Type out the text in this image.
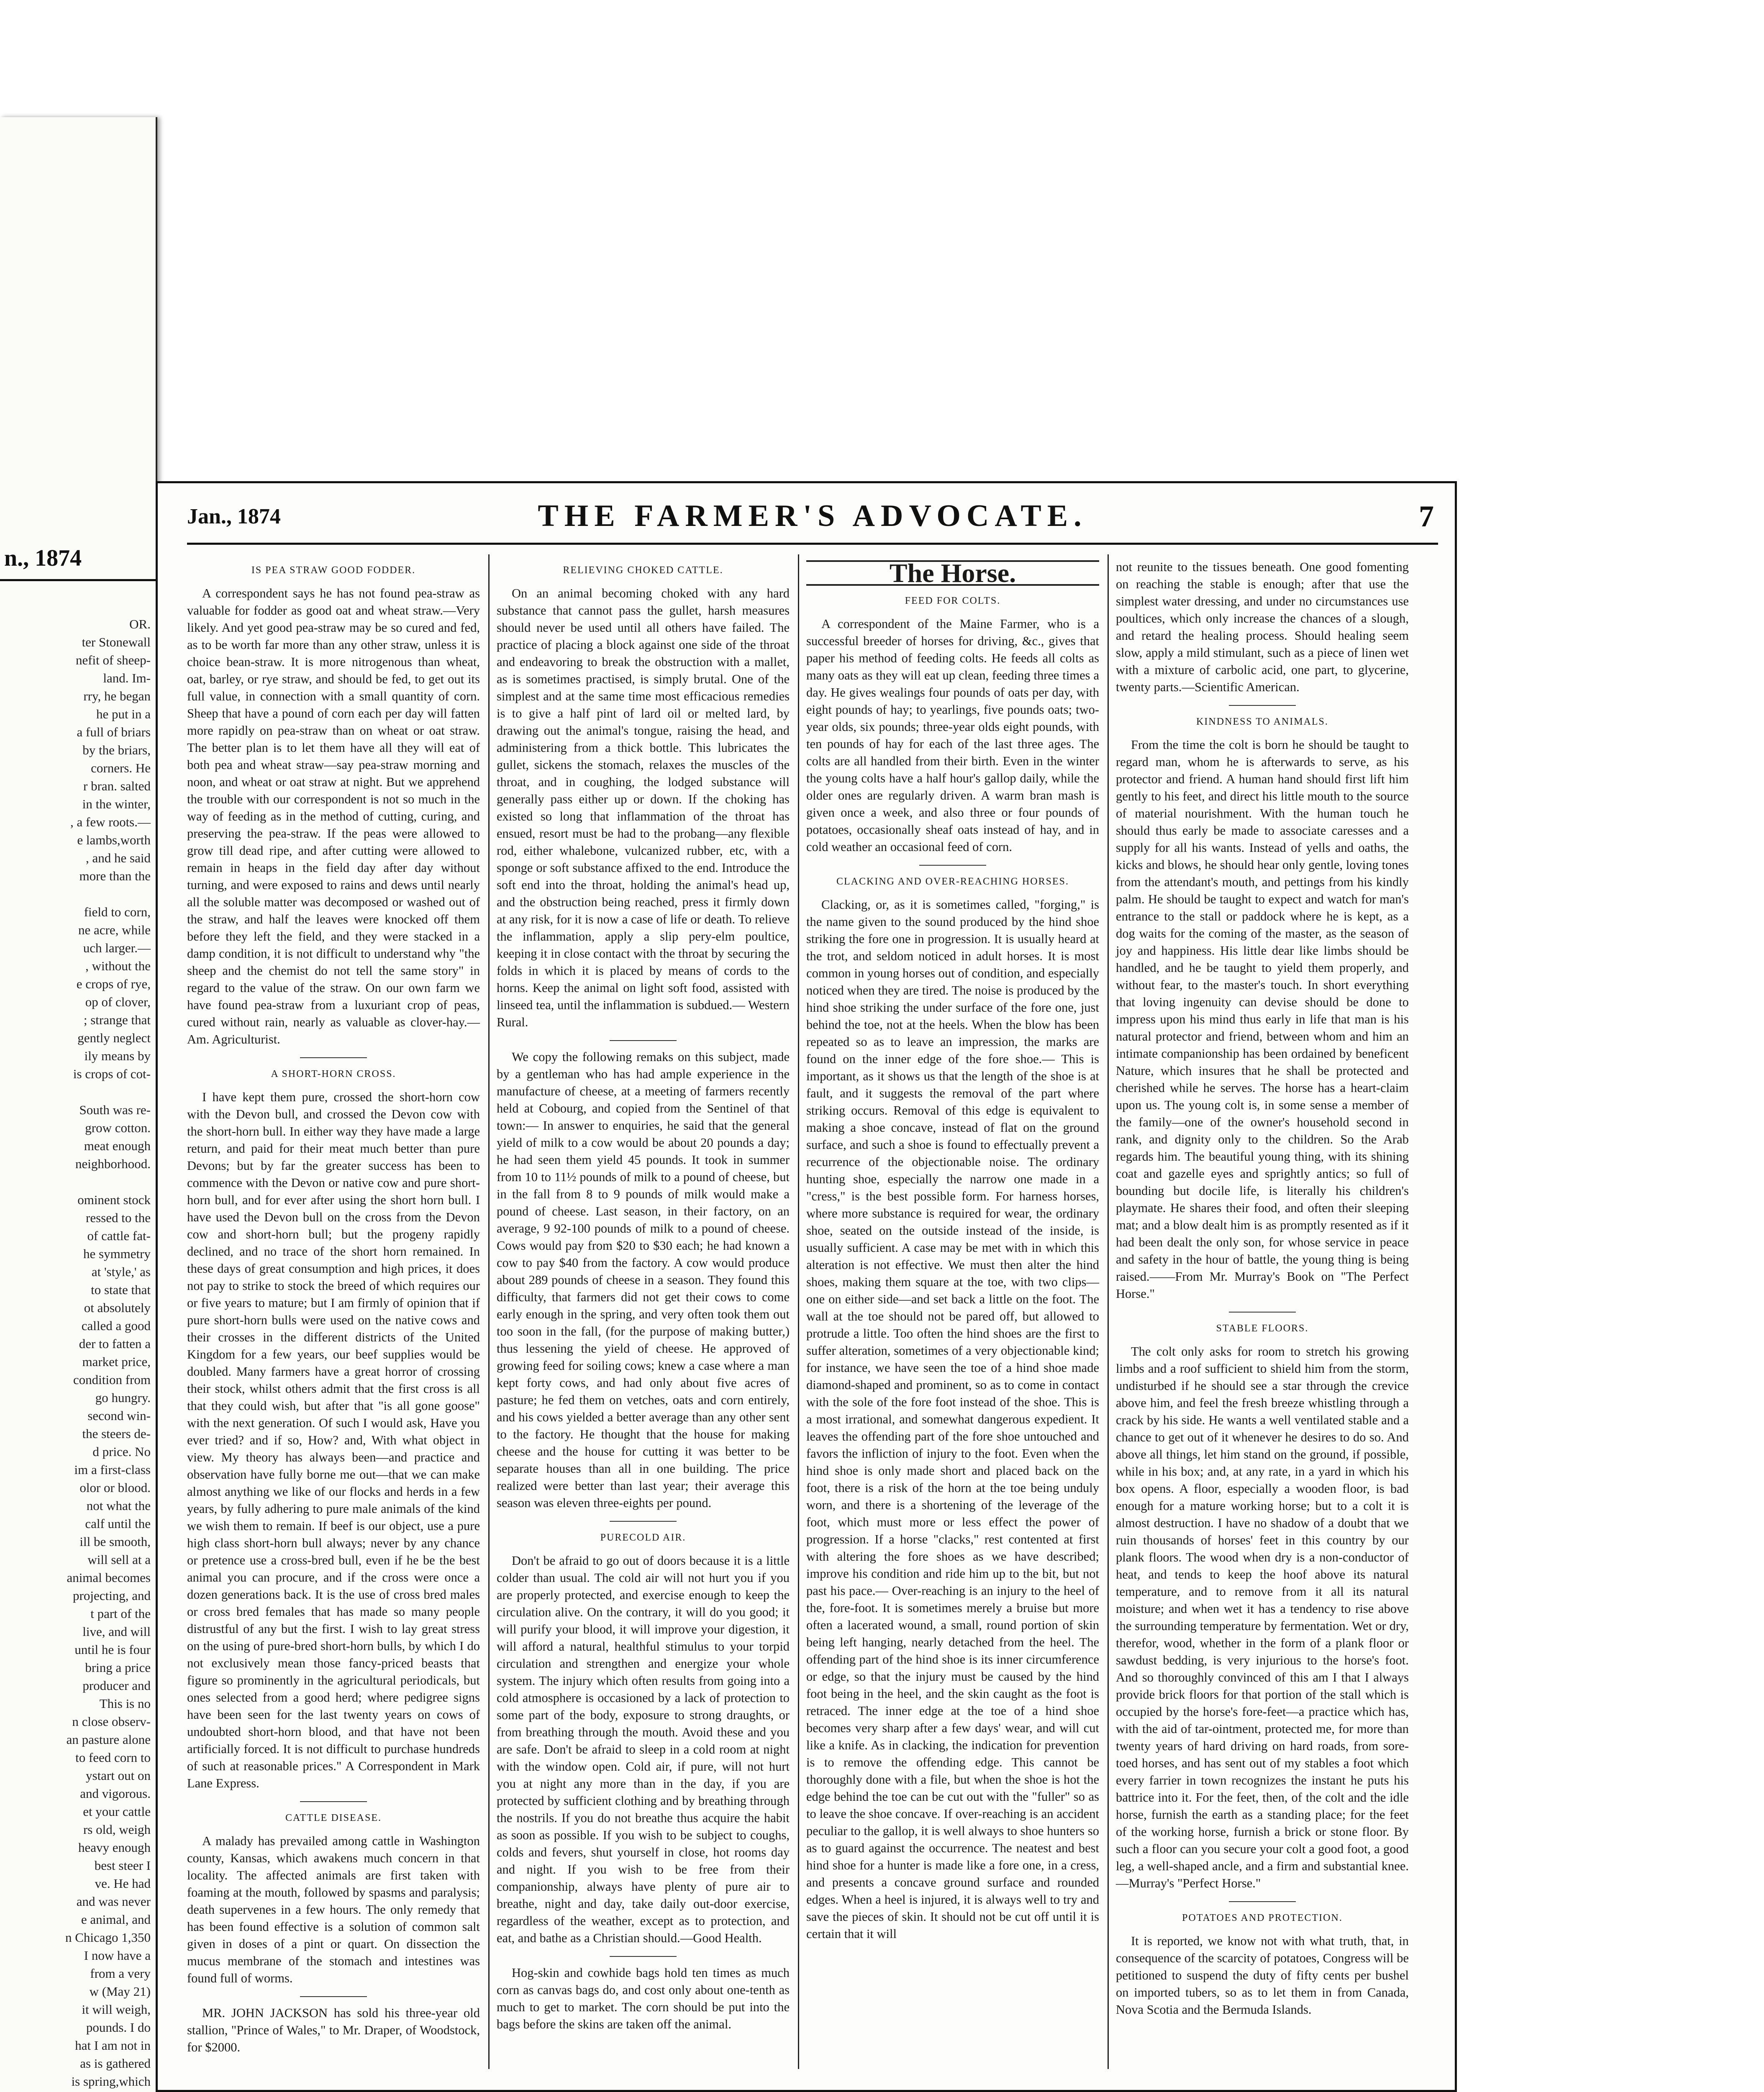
n., 1874
OR.
ter Stonewall
nefit of sheep-
land. Im-
rry, he began
he put in a
a full of briars
by the briars,
corners. He
r bran. salted
in the winter,
, a few roots.—
e lambs,worth
, and he said
more than the

field to corn,
ne acre, while
uch larger.—
, without the
e crops of rye,
op of clover,
; strange that
gently neglect
ily means by
is crops of cot-

South was re-
grow cotton.
meat enough
neighborhood.

ominent stock
ressed to the
of cattle fat-
he symmetry
at 'style,' as
to state that
ot absolutely
called a good
der to fatten a
market price,
condition from
go hungry.
second win-
the steers de-
d price. No
im a first-class
olor or blood.
not what the
calf until the
ill be smooth,
will sell at a
animal becomes
projecting, and
t part of the
live, and will
until he is four
bring a price
producer and
This is no
n close observ-
an pasture alone
to feed corn to
ystart out on
and vigorous.
et your cattle
rs old, weigh
heavy enough
best steer I
ve. He had
and was never
e animal, and
n Chicago 1,350
I now have a
from a very
w (May 21)
it will weigh,
pounds. I do
hat I am not in
as is gathered
is spring,which

Jan., 1874	THE FARMER'S ADVOCATE.	7
IS PEA STRAW GOOD FODDER.

A correspondent says he has not found pea-straw as valuable for fodder as good oat and wheat straw.—Very likely. And yet good pea-straw may be so cured and fed, as to be worth far more than any other straw, unless it is choice bean-straw. It is more nitrogenous than wheat, oat, barley, or rye straw, and should be fed, to get out its full value, in connection with a small quantity of corn. Sheep that have a pound of corn each per day will fatten more rapidly on pea-straw than on wheat or oat straw. The better plan is to let them have all they will eat of both pea and wheat straw—say pea-straw morning and noon, and wheat or oat straw at night. But we apprehend the trouble with our correspondent is not so much in the way of feeding as in the method of cutting, curing, and preserving the pea-straw. If the peas were allowed to grow till dead ripe, and after cutting were allowed to remain in heaps in the field day after day without turning, and were exposed to rains and dews until nearly all the soluble matter was decomposed or washed out of the straw, and half the leaves were knocked off them before they left the field, and they were stacked in a damp condition, it is not difficult to understand why "the sheep and the chemist do not tell the same story" in regard to the value of the straw. On our own farm we have found pea-straw from a luxuriant crop of peas, cured without rain, nearly as valuable as clover-hay.—Am. Agriculturist.

A SHORT-HORN CROSS.

I have kept them pure, crossed the short-horn cow with the Devon bull, and crossed the Devon cow with the short-horn bull. In either way they have made a large return, and paid for their meat much better than pure Devons; but by far the greater success has been to commence with the Devon or native cow and pure short-horn bull, and for ever after using the short horn bull. I have used the Devon bull on the cross from the Devon cow and short-horn bull; but the progeny rapidly declined, and no trace of the short horn remained. In these days of great consumption and high prices, it does not pay to strike to stock the breed of which requires our or five years to mature; but I am firmly of opinion that if pure short-horn bulls were used on the native cows and their crosses in the different districts of the United Kingdom for a few years, our beef supplies would be doubled. Many farmers have a great horror of crossing their stock, whilst others admit that the first cross is all that they could wish, but after that "is all gone goose" with the next generation. Of such I would ask, Have you ever tried? and if so, How? and, With what object in view. My theory has always been—and practice and observation have fully borne me out—that we can make almost anything we like of our flocks and herds in a few years, by fully adhering to pure male animals of the kind we wish them to remain. If beef is our object, use a pure high class short-horn bull always; never by any chance or pretence use a cross-bred bull, even if he be the best animal you can procure, and if the cross were once a dozen generations back. It is the use of cross bred males or cross bred females that has made so many people distrustful of any but the first. I wish to lay great stress on the using of pure-bred short-horn bulls, by which I do not exclusively mean those fancy-priced beasts that figure so prominently in the agricultural periodicals, but ones selected from a good herd; where pedigree signs have been seen for the last twenty years on cows of undoubted short-horn blood, and that have not been artificially forced. It is not difficult to purchase hundreds of such at reasonable prices." A Correspondent in Mark Lane Express.

CATTLE DISEASE.

A malady has prevailed among cattle in Washington county, Kansas, which awakens much concern in that locality. The affected animals are first taken with foaming at the mouth, followed by spasms and paralysis; death supervenes in a few hours. The only remedy that has been found effective is a solution of common salt given in doses of a pint or quart. On dissection the mucus membrane of the stomach and intestines was found full of worms.

MR. JOHN JACKSON has sold his three-year old stallion, "Prince of Wales," to Mr. Draper, of Woodstock, for $2000.

RELIEVING CHOKED CATTLE.

On an animal becoming choked with any hard substance that cannot pass the gullet, harsh measures should never be used until all others have failed. The practice of placing a block against one side of the throat and endeavoring to break the obstruction with a mallet, as is sometimes practised, is simply brutal. One of the simplest and at the same time most efficacious remedies is to give a half pint of lard oil or melted lard, by drawing out the animal's tongue, raising the head, and administering from a thick bottle. This lubricates the gullet, sickens the stomach, relaxes the muscles of the throat, and in coughing, the lodged substance will generally pass either up or down. If the choking has existed so long that inflammation of the throat has ensued, resort must be had to the probang—any flexible rod, either whalebone, vulcanized rubber, etc, with a sponge or soft substance affixed to the end. Introduce the soft end into the throat, holding the animal's head up, and the obstruction being reached, press it firmly down at any risk, for it is now a case of life or death. To relieve the inflammation, apply a slip pery-elm poultice, keeping it in close contact with the throat by securing the folds in which it is placed by means of cords to the horns. Keep the animal on light soft food, assisted with linseed tea, until the inflammation is subdued.— Western Rural.

We copy the following remaks on this subject, made by a gentleman who has had ample experience in the manufacture of cheese, at a meeting of farmers recently held at Cobourg, and copied from the Sentinel of that town:— In answer to enquiries, he said that the general yield of milk to a cow would be about 20 pounds a day; he had seen them yield 45 pounds. It took in summer from 10 to 11½ pounds of milk to a pound of cheese, but in the fall from 8 to 9 pounds of milk would make a pound of cheese. Last season, in their factory, on an average, 9 92-100 pounds of milk to a pound of cheese. Cows would pay from $20 to $30 each; he had known a cow to pay $40 from the factory. A cow would produce about 289 pounds of cheese in a season. They found this difficulty, that farmers did not get their cows to come early enough in the spring, and very often took them out too soon in the fall, (for the purpose of making butter,) thus lessening the yield of cheese. He approved of growing feed for soiling cows; knew a case where a man kept forty cows, and had only about five acres of pasture; he fed them on vetches, oats and corn entirely, and his cows yielded a better average than any other sent to the factory. He thought that the house for making cheese and the house for cutting it was better to be separate houses than all in one building. The price realized were better than last year; their average this season was eleven three-eights per pound.

PURECOLD AIR.

Don't be afraid to go out of doors because it is a little colder than usual. The cold air will not hurt you if you are properly protected, and exercise enough to keep the circulation alive. On the contrary, it will do you good; it will purify your blood, it will improve your digestion, it will afford a natural, healthful stimulus to your torpid circulation and strengthen and energize your whole system. The injury which often results from going into a cold atmosphere is occasioned by a lack of protection to some part of the body, exposure to strong draughts, or from breathing through the mouth. Avoid these and you are safe. Don't be afraid to sleep in a cold room at night with the window open. Cold air, if pure, will not hurt you at night any more than in the day, if you are protected by sufficient clothing and by breathing through the nostrils. If you do not breathe thus acquire the habit as soon as possible. If you wish to be subject to coughs, colds and fevers, shut yourself in close, hot rooms day and night. If you wish to be free from their companionship, always have plenty of pure air to breathe, night and day, take daily out-door exercise, regardless of the weather, except as to protection, and eat, and bathe as a Christian should.—Good Health.

Hog-skin and cowhide bags hold ten times as much corn as canvas bags do, and cost only about one-tenth as much to get to market. The corn should be put into the bags before the skins are taken off the animal.

The Horse.
FEED FOR COLTS.

A correspondent of the Maine Farmer, who is a successful breeder of horses for driving, &c., gives that paper his method of feeding colts. He feeds all colts as many oats as they will eat up clean, feeding three times a day. He gives wealings four pounds of oats per day, with eight pounds of hay; to yearlings, five pounds oats; two-year olds, six pounds; three-year olds eight pounds, with ten pounds of hay for each of the last three ages. The colts are all handled from their birth. Even in the winter the young colts have a half hour's gallop daily, while the older ones are regularly driven. A warm bran mash is given once a week, and also three or four pounds of potatoes, occasionally sheaf oats instead of hay, and in cold weather an occasional feed of corn.

CLACKING AND OVER-REACHING HORSES.

Clacking, or, as it is sometimes called, "forging," is the name given to the sound produced by the hind shoe striking the fore one in progression. It is usually heard at the trot, and seldom noticed in adult horses. It is most common in young horses out of condition, and especially noticed when they are tired. The noise is produced by the hind shoe striking the under surface of the fore one, just behind the toe, not at the heels. When the blow has been repeated so as to leave an impression, the marks are found on the inner edge of the fore shoe.— This is important, as it shows us that the length of the shoe is at fault, and it suggests the removal of the part where striking occurs. Removal of this edge is equivalent to making a shoe concave, instead of flat on the ground surface, and such a shoe is found to effectually prevent a recurrence of the objectionable noise. The ordinary hunting shoe, especially the narrow one made in a "cress," is the best possible form. For harness horses, where more substance is required for wear, the ordinary shoe, seated on the outside instead of the inside, is usually sufficient. A case may be met with in which this alteration is not effective. We must then alter the hind shoes, making them square at the toe, with two clips—one on either side—and set back a little on the foot. The wall at the toe should not be pared off, but allowed to protrude a little. Too often the hind shoes are the first to suffer alteration, sometimes of a very objectionable kind; for instance, we have seen the toe of a hind shoe made diamond-shaped and prominent, so as to come in contact with the sole of the fore foot instead of the shoe. This is a most irrational, and somewhat dangerous expedient. It leaves the offending part of the fore shoe untouched and favors the infliction of injury to the foot. Even when the hind shoe is only made short and placed back on the foot, there is a risk of the horn at the toe being unduly worn, and there is a shortening of the leverage of the foot, which must more or less effect the power of progression. If a horse "clacks," rest contented at first with altering the fore shoes as we have described; improve his condition and ride him up to the bit, but not past his pace.— Over-reaching is an injury to the heel of the, fore-foot. It is sometimes merely a bruise but more often a lacerated wound, a small, round portion of skin being left hanging, nearly detached from the heel. The offending part of the hind shoe is its inner circumference or edge, so that the injury must be caused by the hind foot being in the heel, and the skin caught as the foot is retraced. The inner edge at the toe of a hind shoe becomes very sharp after a few days' wear, and will cut like a knife. As in clacking, the indication for prevention is to remove the offending edge. This cannot be thoroughly done with a file, but when the shoe is hot the edge behind the toe can be cut out with the "fuller" so as to leave the shoe concave. If over-reaching is an accident peculiar to the gallop, it is well always to shoe hunters so as to guard against the occurrence. The neatest and best hind shoe for a hunter is made like a fore one, in a cress, and presents a concave ground surface and rounded edges. When a heel is injured, it is always well to try and save the pieces of skin. It should not be cut off until it is certain that it will

not reunite to the tissues beneath. One good fomenting on reaching the stable is enough; after that use the simplest water dressing, and under no circumstances use poultices, which only increase the chances of a slough, and retard the healing process. Should healing seem slow, apply a mild stimulant, such as a piece of linen wet with a mixture of carbolic acid, one part, to glycerine, twenty parts.—Scientific American.

KINDNESS TO ANIMALS.

From the time the colt is born he should be taught to regard man, whom he is afterwards to serve, as his protector and friend. A human hand should first lift him gently to his feet, and direct his little mouth to the source of material nourishment. With the human touch he should thus early be made to associate caresses and a supply for all his wants. Instead of yells and oaths, the kicks and blows, he should hear only gentle, loving tones from the attendant's mouth, and pettings from his kindly palm. He should be taught to expect and watch for man's entrance to the stall or paddock where he is kept, as a dog waits for the coming of the master, as the season of joy and happiness. His little dear like limbs should be handled, and he be taught to yield them properly, and without fear, to the master's touch. In short everything that loving ingenuity can devise should be done to impress upon his mind thus early in life that man is his natural protector and friend, between whom and him an intimate companionship has been ordained by beneficent Nature, which insures that he shall be protected and cherished while he serves. The horse has a heart-claim upon us. The young colt is, in some sense a member of the family—one of the owner's household second in rank, and dignity only to the children. So the Arab regards him. The beautiful young thing, with its shining coat and gazelle eyes and sprightly antics; so full of bounding but docile life, is literally his children's playmate. He shares their food, and often their sleeping mat; and a blow dealt him is as promptly resented as if it had been dealt the only son, for whose service in peace and safety in the hour of battle, the young thing is being raised.——From Mr. Murray's Book on "The Perfect Horse."

STABLE FLOORS.

The colt only asks for room to stretch his growing limbs and a roof sufficient to shield him from the storm, undisturbed if he should see a star through the crevice above him, and feel the fresh breeze whistling through a crack by his side. He wants a well ventilated stable and a chance to get out of it whenever he desires to do so. And above all things, let him stand on the ground, if possible, while in his box; and, at any rate, in a yard in which his box opens. A floor, especially a wooden floor, is bad enough for a mature working horse; but to a colt it is almost destruction. I have no shadow of a doubt that we ruin thousands of horses' feet in this country by our plank floors. The wood when dry is a non-conductor of heat, and tends to keep the hoof above its natural temperature, and to remove from it all its natural moisture; and when wet it has a tendency to rise above the surrounding temperature by fermentation. Wet or dry, therefor, wood, whether in the form of a plank floor or sawdust bedding, is very injurious to the horse's foot. And so thoroughly convinced of this am I that I always provide brick floors for that portion of the stall which is occupied by the horse's fore-feet—a practice which has, with the aid of tar-ointment, protected me, for more than twenty years of hard driving on hard roads, from sore-toed horses, and has sent out of my stables a foot which every farrier in town recognizes the instant he puts his battrice into it. For the feet, then, of the colt and the idle horse, furnish the earth as a standing place; for the feet of the working horse, furnish a brick or stone floor. By such a floor can you secure your colt a good foot, a good leg, a well-shaped ancle, and a firm and substantial knee.—Murray's "Perfect Horse."

POTATOES AND PROTECTION.

It is reported, we know not with what truth, that, in consequence of the scarcity of potatoes, Congress will be petitioned to suspend the duty of fifty cents per bushel on imported tubers, so as to let them in from Canada, Nova Scotia and the Bermuda Islands.
